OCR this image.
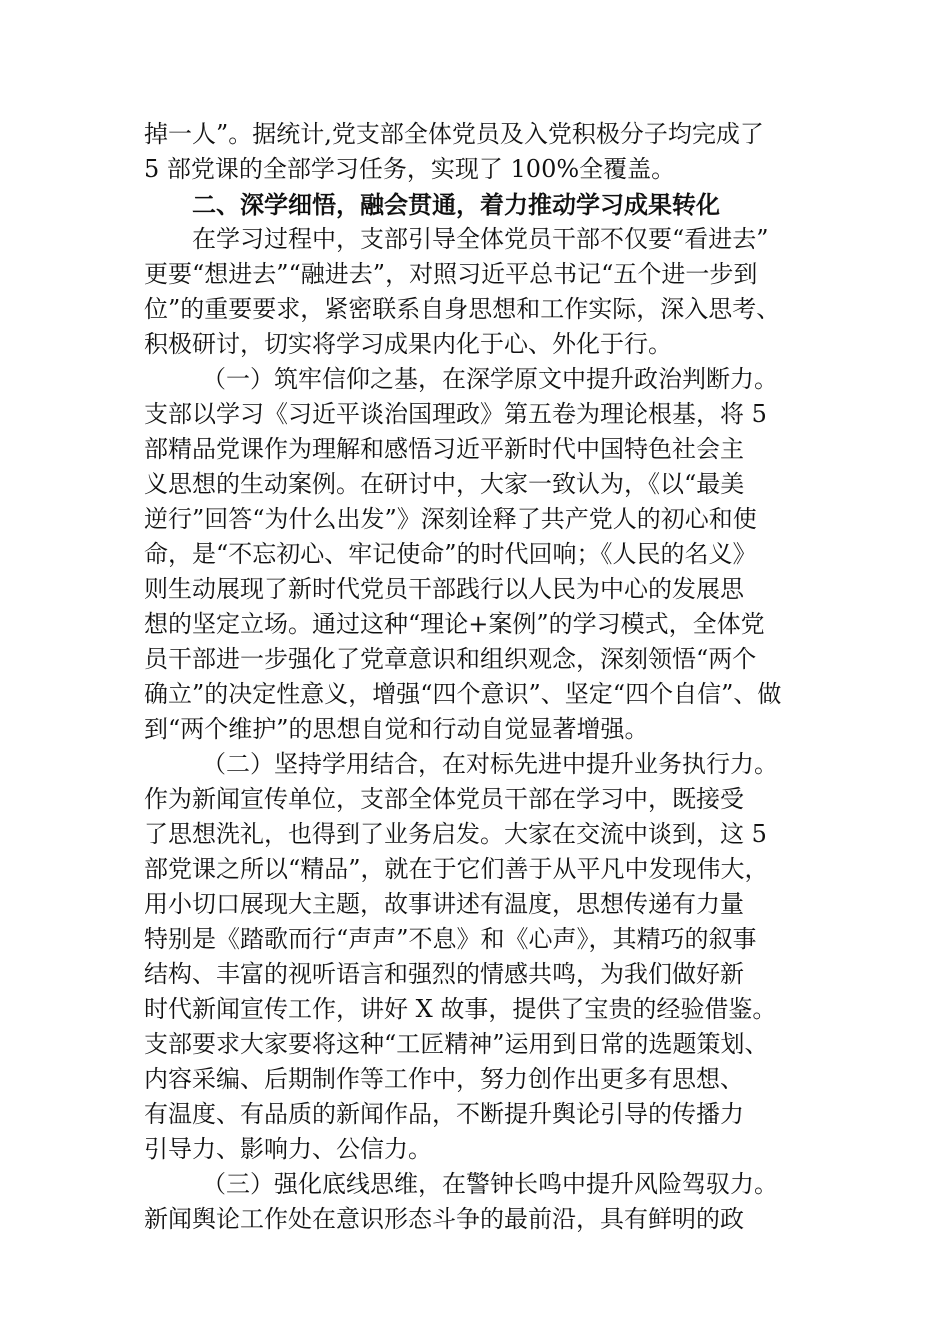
掉一人”。据统计,党支部全体党员及入党积极分子均完成了
5 部党课的全部学习任务，实现了 100%全覆盖。
二、深学细悟，融会贯通，着力推动学习成果转化
在学习过程中，支部引导全体党员干部不仅要“看进去”
更要“想进去”“融进去”，对照习近平总书记“五个进一步到
位”的重要要求，紧密联系自身思想和工作实际，深入思考、
积极研讨，切实将学习成果内化于心、外化于行。
（一）筑牢信仰之基，在深学原文中提升政治判断力。
支部以学习《习近平谈治国理政》第五卷为理论根基，将 5
部精品党课作为理解和感悟习近平新时代中国特色社会主
义思想的生动案例。在研讨中，大家一致认为，《以“最美
逆行”回答“为什么出发”》深刻诠释了共产党人的初心和使
命，是“不忘初心、牢记使命”的时代回响；《人民的名义》
则生动展现了新时代党员干部践行以人民为中心的发展思
想的坚定立场。通过这种“理论+案例”的学习模式，全体党
员干部进一步强化了党章意识和组织观念，深刻领悟“两个
确立”的决定性意义，增强“四个意识”、坚定“四个自信”、做
到“两个维护”的思想自觉和行动自觉显著增强。
（二）坚持学用结合，在对标先进中提升业务执行力。
作为新闻宣传单位，支部全体党员干部在学习中，既接受
了思想洗礼，也得到了业务启发。大家在交流中谈到，这 5
部党课之所以“精品”，就在于它们善于从平凡中发现伟大，
用小切口展现大主题，故事讲述有温度，思想传递有力量
特别是《踏歌而行“声声”不息》和《心声》，其精巧的叙事
结构、丰富的视听语言和强烈的情感共鸣，为我们做好新
时代新闻宣传工作，讲好 X 故事，提供了宝贵的经验借鉴。
支部要求大家要将这种“工匠精神”运用到日常的选题策划、
内容采编、后期制作等工作中，努力创作出更多有思想、
有温度、有品质的新闻作品，不断提升舆论引导的传播力
引导力、影响力、公信力。
（三）强化底线思维，在警钟长鸣中提升风险驾驭力。
新闻舆论工作处在意识形态斗争的最前沿，具有鲜明的政
